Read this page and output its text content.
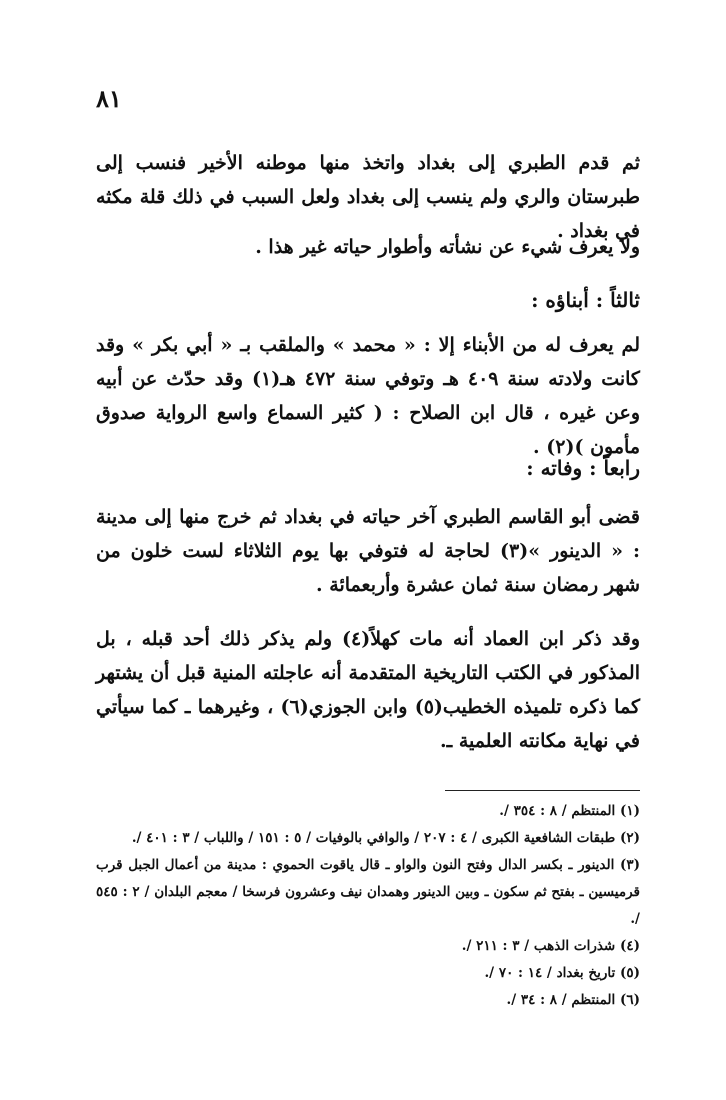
٨١

ثم قدم الطبري إلى بغداد واتخذ منها موطنه الأخير فنسب إلى طبرستان والري ولم ينسب إلى بغداد ولعل السبب في ذلك قلة مكثه في بغداد .

ولا يعرف شيء عن نشأته وأطوار حياته غير هذا .

ثالثاً : أبناؤه :

لم يعرف له من الأبناء إلا : « محمد » والملقب بـ « أبي بكر » وقد كانت ولادته سنة ٤٠٩ هـ وتوفي سنة ٤٧٢ هـ(١) وقد حدّث عن أبيه وعن غيره ، قال ابن الصلاح : ( كثير السماع واسع الرواية صدوق مأمون )(٢) .

رابعاً : وفاته :

قضى أبو القاسم الطبري آخر حياته في بغداد ثم خرج منها إلى مدينة : « الدينور »(٣) لحاجة له فتوفي بها يوم الثلاثاء لست خلون من شهر رمضان سنة ثمان عشرة وأربعمائة .

وقد ذكر ابن العماد أنه مات كهلاً(٤) ولم يذكر ذلك أحد قبله ، بل المذكور في الكتب التاريخية المتقدمة أنه عاجلته المنية قبل أن يشتهر كما ذكره تلميذه الخطيب(٥) وابن الجوزي(٦) ، وغيرهما ـ كما سيأتي في نهاية مكانته العلمية ـ.

(١) المنتظم / ٨ : ٣٥٤ /.
(٢) طبقات الشافعية الكبرى / ٤ : ٢٠٧ / والوافي بالوفيات / ٥ : ١٥١ / واللباب / ٣ : ٤٠١ /.
(٣) الدينور ـ بكسر الدال وفتح النون والواو ـ قال ياقوت الحموي : مدينة من أعمال الجبل قرب قرميسين ـ بفتح ثم سكون ـ وبين الدينور وهمدان نيف وعشرون فرسخا / معجم البلدان / ٢ : ٥٤٥ /.
(٤) شذرات الذهب / ٣ : ٢١١ /.
(٥) تاريخ بغداد / ١٤ : ٧٠ /.
(٦) المنتظم / ٨ : ٣٤ /.
